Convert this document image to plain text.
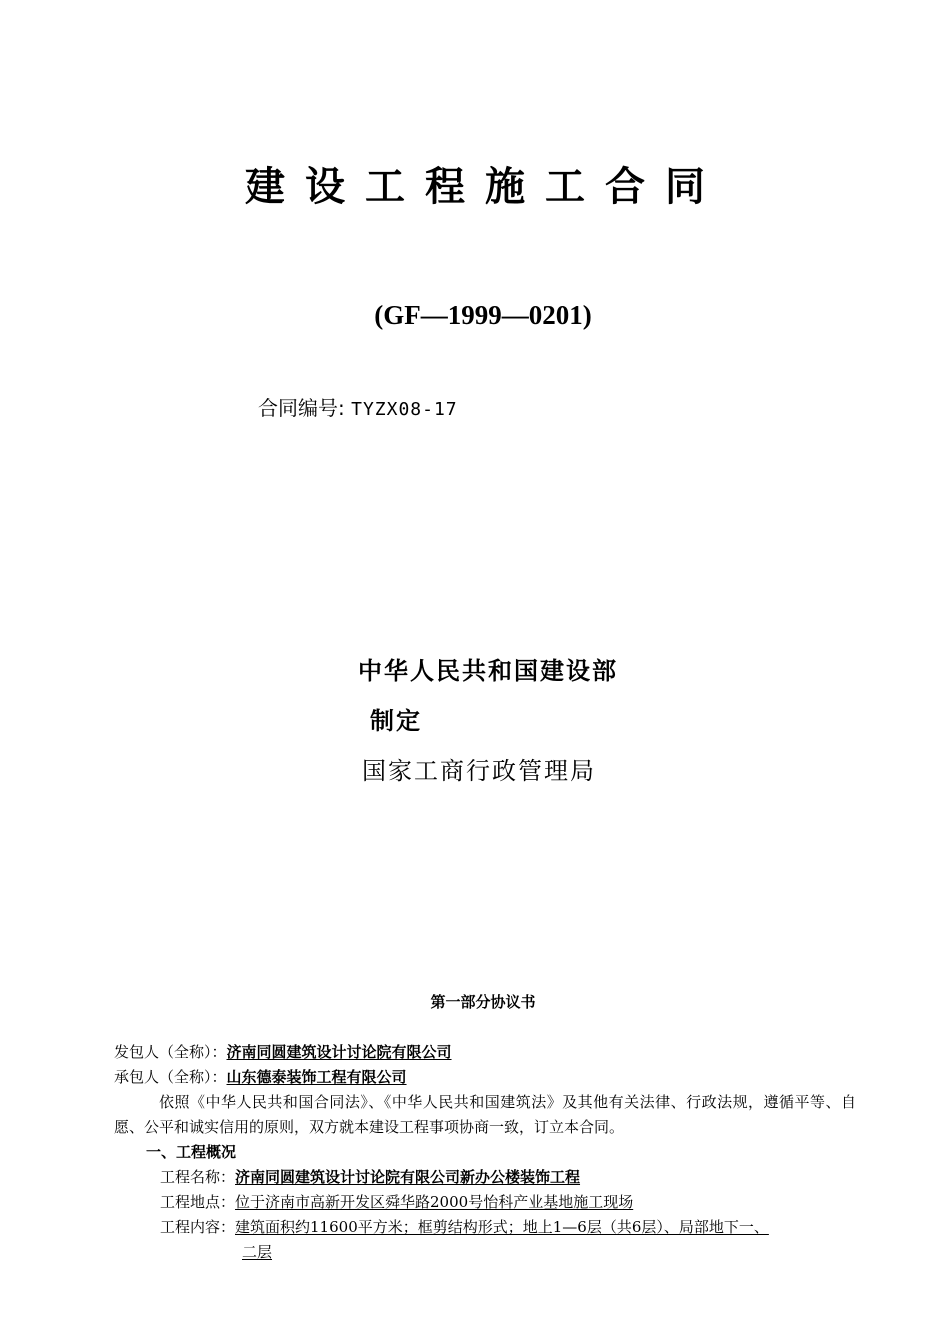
建设工程施工合同
(GF—1999—0201)
合同编号: TYZX08-17
中华人民共和国建设部
制定
国家工商行政管理局
第一部分协议书
发包人（全称）：济南同圆建筑设计讨论院有限公司
承包人（全称）：山东德泰装饰工程有限公司
依照《中华人民共和国合同法》、《中华人民共和国建筑法》及其他有关法律、行政法规，遵循平等、自愿、公平和诚实信用的原则，双方就本建设工程事项协商一致，订立本合同。
一、工程概况
工程名称：济南同圆建筑设计讨论院有限公司新办公楼装饰工程
工程地点：位于济南市高新开发区舜华路2000号怡科产业基地施工现场
工程内容：建筑面积约11600平方米；框剪结构形式；地上1—6层（共6层）、局部地下一、
二层
